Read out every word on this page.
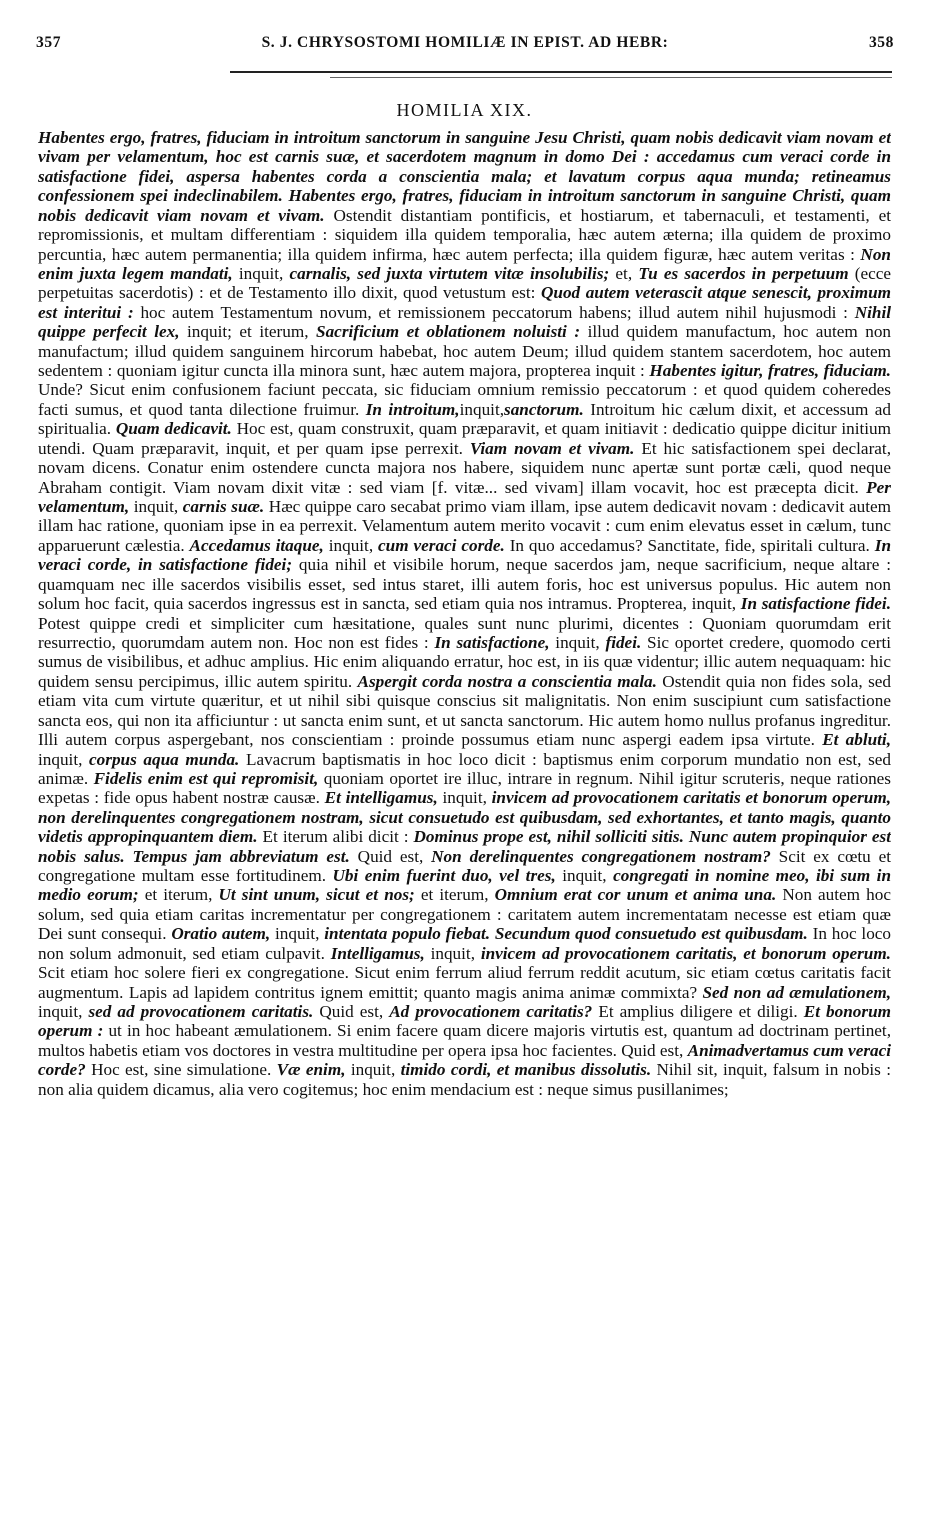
357	S. J. CHRYSOSTOMI HOMILIÆ IN EPIST. AD HEBR:	358
HOMILIA XIX.

Habentes ergo, fratres, fiduciam in introitum sanctorum in sanguine Jesu Christi, quam nobis dedicavit viam novam et vivam per velamentum, hoc est carnis suæ, et sacerdotem magnum in domo Dei : accedamus cum veraci corde in satisfactione fidei, aspersa habentes corda a conscientia mala; et lavatum corpus aqua munda; retineamus confessionem spei indeclinabilem. Habentes ergo, fratres, fiduciam in introitum sanctorum in sanguine Christi, quam nobis dedicavit viam novam et vivam. Ostendit distantiam pontificis, et hostiarum, et tabernaculi, et testamenti, et repromissionis, et multam differentiam : siquidem illa quidem temporalia, hæc autem æterna; illa quidem de proximo percuntia, hæc autem permanentia; illa quidem infirma, hæc autem perfecta; illa quidem figuræ, hæc autem veritas : Non enim juxta legem mandati, inquit, carnalis, sed juxta virtutem vitæ insolubilis; et, Tu es sacerdos in perpetuum (ecce perpetuitas sacerdotis) : et de Testamento illo dixit, quod vetustum est: Quod autem veterascit atque senescit, proximum est interitui : hoc autem Testamentum novum, et remissionem peccatorum habens; illud autem nihil hujusmodi : Nihil quippe perfecit lex, inquit; et iterum, Sacrificium et oblationem noluisti : illud quidem manufactum, hoc autem non manufactum; illud quidem sanguinem hircorum habebat, hoc autem Deum; illud quidem stantem sacerdotem, hoc autem sedentem : quoniam igitur cuncta illa minora sunt, hæc autem majora, propterea inquit : Habentes igitur, fratres, fiduciam. Unde? Sicut enim confusionem faciunt peccata, sic fiduciam omnium remissio peccatorum : et quod quidem coheredes facti sumus, et quod tanta dilectione fruimur. In introitum,inquit,sanctorum. Introitum hic cælum dixit, et accessum ad spiritualia. Quam dedicavit. Hoc est, quam construxit, quam præparavit, et quam initiavit : dedicatio quippe dicitur initium utendi. Quam præparavit, inquit, et per quam ipse perrexit. Viam novam et vivam. Et hic satisfactionem spei declarat, novam dicens. Conatur enim ostendere cuncta majora nos habere, siquidem nunc apertæ sunt portæ cæli, quod neque Abraham contigit. Viam novam dixit vitæ : sed viam [f. vitæ... sed vivam] illam vocavit, hoc est præcepta dicit. Per velamentum, inquit, carnis suæ. Hæc quippe caro secabat primo viam illam, ipse autem dedicavit novam : dedicavit autem illam hac ratione, quoniam ipse in ea perrexit. Velamentum autem merito vocavit : cum enim elevatus esset in cælum, tunc apparuerunt cælestia. Accedamus itaque, inquit, cum veraci corde. In quo accedamus? Sanctitate, fide, spiritali cultura. In veraci corde, in satisfactione fidei; quia nihil et visibile horum, neque sacerdos jam, neque sacrificium, neque altare : quamquam nec ille sacerdos visibilis esset, sed intus staret, illi autem foris, hoc est universus populus. Hic autem non solum hoc facit, quia sacerdos ingressus est in sancta, sed etiam quia nos intramus. Propterea, inquit, In satisfactione fidei. Potest quippe credi et simpliciter cum hæsitatione, quales sunt nunc plurimi, dicentes : Quoniam quorumdam erit resurrectio, quorumdam autem non. Hoc non est fides : In satisfactione, inquit, fidei. Sic oportet credere, quomodo certi sumus de visibilibus, et adhuc amplius. Hic enim aliquando erratur, hoc est, in iis quæ videntur; illic autem nequaquam: hic quidem sensu percipimus, illic autem spiritu. Aspergit corda nostra a conscientia mala. Ostendit quia non fides sola, sed etiam vita cum virtute quæritur, et ut nihil sibi quisque conscius sit malignitatis. Non enim suscipiunt cum satisfactione sancta eos, qui non ita afficiuntur : ut sancta enim sunt, et ut sancta sanctorum. Hic autem homo nullus profanus ingreditur. Illi autem corpus aspergebant, nos conscientiam : proinde possumus etiam nunc aspergi eadem ipsa virtute. Et abluti, inquit, corpus aqua munda. Lavacrum baptismatis in hoc loco dicit : baptismus enim corporum mundatio non est, sed animæ. Fidelis enim est qui repromisit, quoniam oportet ire illuc, intrare in regnum. Nihil igitur scruteris, neque rationes expetas : fide opus habent nostræ causæ. Et intelligamus, inquit, invicem ad provocationem caritatis et bonorum operum, non derelinquentes congregationem nostram, sicut consuetudo est quibusdam, sed exhortantes, et tanto magis, quanto videtis appropinquantem diem. Et iterum alibi dicit : Dominus prope est, nihil solliciti sitis. Nunc autem propinquior est nobis salus. Tempus jam abbreviatum est. Quid est, Non derelinquentes congregationem nostram? Scit ex cœtu et congregatione multam esse fortitudinem. Ubi enim fuerint duo, vel tres, inquit, congregati in nomine meo, ibi sum in medio eorum; et iterum, Ut sint unum, sicut et nos; et iterum, Omnium erat cor unum et anima una. Non autem hoc solum, sed quia etiam caritas incrementatur per congregationem : caritatem autem incrementatam necesse est etiam quæ Dei sunt consequi. Oratio autem, inquit, intentata populo fiebat. Secundum quod consuetudo est quibusdam. In hoc loco non solum admonuit, sed etiam culpavit. Intelligamus, inquit, invicem ad provocationem caritatis, et bonorum operum. Scit etiam hoc solere fieri ex congregatione. Sicut enim ferrum aliud ferrum reddit acutum, sic etiam cœtus caritatis facit augmentum. Lapis ad lapidem contritus ignem emittit; quanto magis anima animæ commixta? Sed non ad æmulationem, inquit, sed ad provocationem caritatis. Quid est, Ad provocationem caritatis? Et amplius diligere et diligi. Et bonorum operum : ut in hoc habeant æmulationem. Si enim facere quam dicere majoris virtutis est, quantum ad doctrinam pertinet, multos habetis etiam vos doctores in vestra multitudine per opera ipsa hoc facientes. Quid est, Animadvertamus cum veraci corde? Hoc est, sine simulatione. Væ enim, inquit, timido cordi, et manibus dissolutis. Nihil sit, inquit, falsum in nobis : non alia quidem dicamus, alia vero cogitemus; hoc enim mendacium est : neque simus pusillanimes;
